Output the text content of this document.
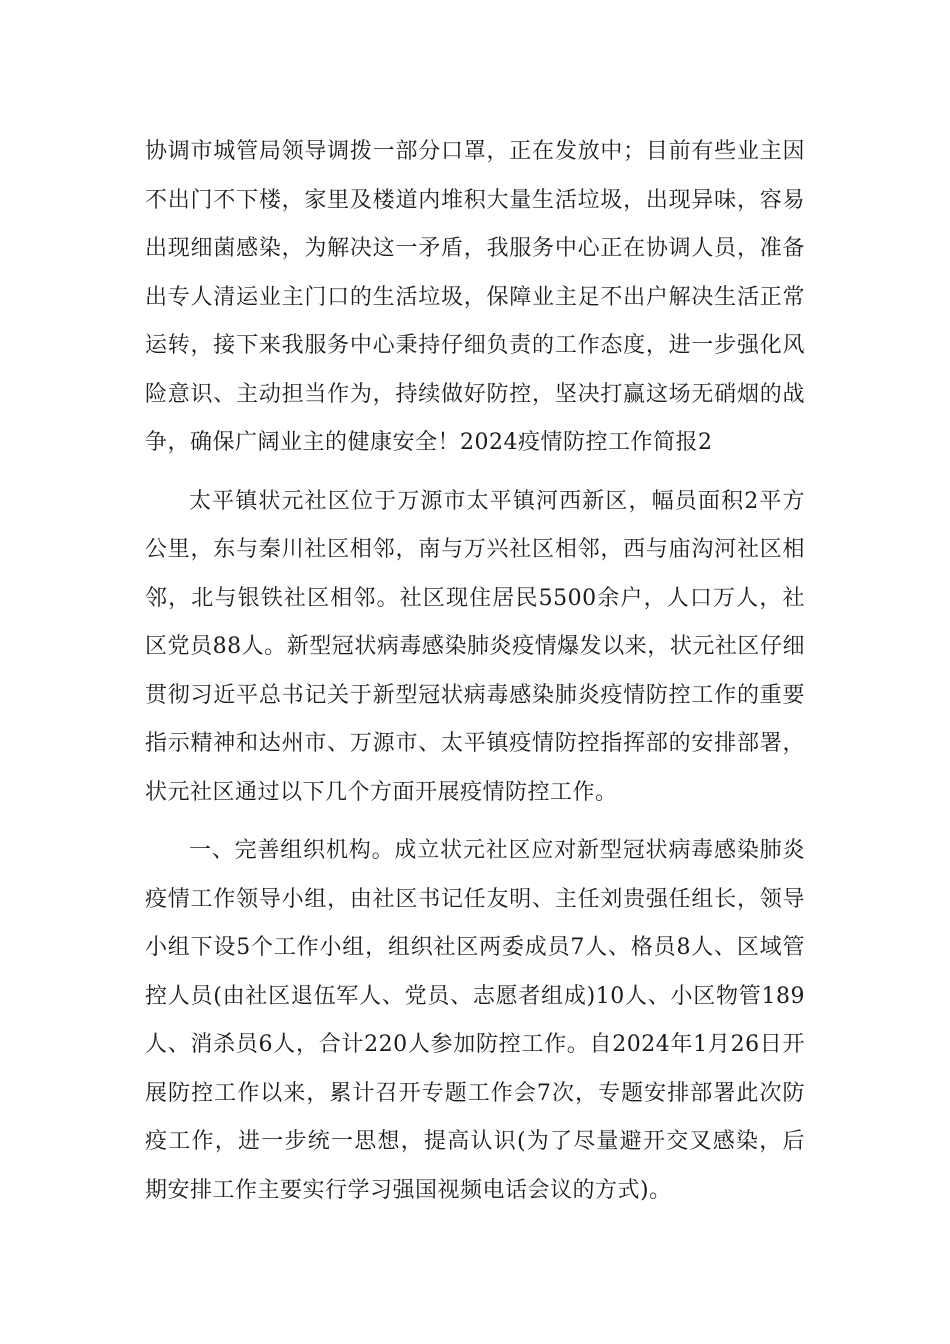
协调市城管局领导调拨一部分口罩，正在发放中；目前有些业主因不出门不下楼，家里及楼道内堆积大量生活垃圾，出现异味，容易出现细菌感染，为解决这一矛盾，我服务中心正在协调人员，准备出专人清运业主门口的生活垃圾，保障业主足不出户解决生活正常运转，接下来我服务中心秉持仔细负责的工作态度，进一步强化风险意识、主动担当作为，持续做好防控，坚决打赢这场无硝烟的战争，确保广阔业主的健康安全！2024疫情防控工作简报2

太平镇状元社区位于万源市太平镇河西新区，幅员面积2平方公里，东与秦川社区相邻，南与万兴社区相邻，西与庙沟河社区相邻，北与银铁社区相邻。社区现住居民5500余户，人口万人，社区党员88人。新型冠状病毒感染肺炎疫情爆发以来，状元社区仔细贯彻习近平总书记关于新型冠状病毒感染肺炎疫情防控工作的重要指示精神和达州市、万源市、太平镇疫情防控指挥部的安排部署，状元社区通过以下几个方面开展疫情防控工作。

一、完善组织机构。成立状元社区应对新型冠状病毒感染肺炎疫情工作领导小组，由社区书记任友明、主任刘贵强任组长，领导小组下设5个工作小组，组织社区两委成员7人、格员8人、区域管控人员(由社区退伍军人、党员、志愿者组成)10人、小区物管189人、消杀员6人，合计220人参加防控工作。自2024年1月26日开展防控工作以来，累计召开专题工作会7次，专题安排部署此次防疫工作，进一步统一思想，提高认识(为了尽量避开交叉感染，后期安排工作主要实行学习强国视频电话会议的方式)。
